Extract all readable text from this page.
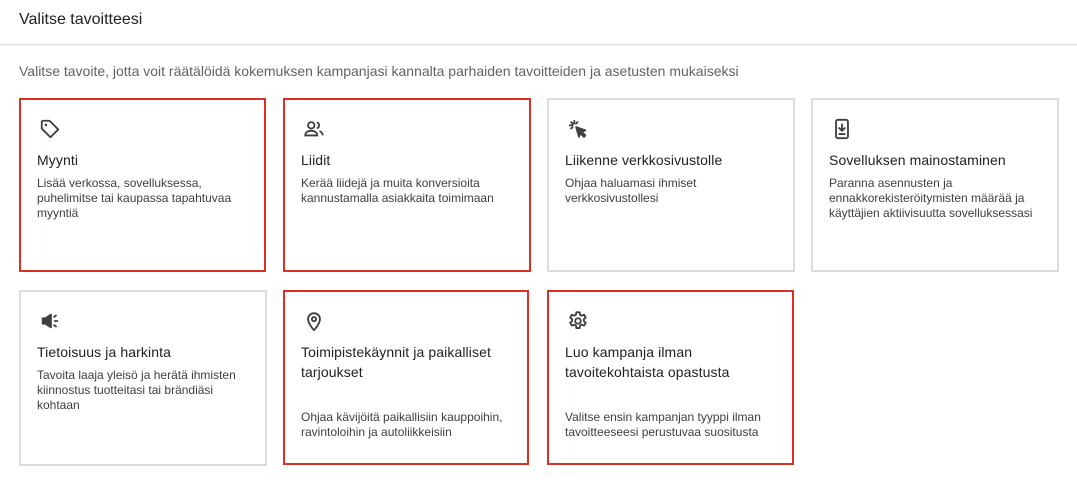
Valitse tavoitteesi
Valitse tavoite, jotta voit räätälöidä kokemuksen kampanjasi kannalta parhaiden tavoitteiden ja asetusten mukaiseksi
Myynti
Lisää verkossa, sovelluksessa, puhelimitse tai kaupassa tapahtuvaa myyntiä
Liidit
Kerää liidejä ja muita konversioita kannustamalla asiakkaita toimimaan
Liikenne verkkosivustolle
Ohjaa haluamasi ihmiset verkkosivustollesi
Sovelluksen mainostaminen
Paranna asennusten ja ennakkorekisteröitymisten määrää ja käyttäjien aktiivisuutta sovelluksessasi
Tietoisuus ja harkinta
Tavoita laaja yleisö ja herätä ihmisten kiinnostus tuotteitasi tai brändiäsi kohtaan
Toimipistekäynnit ja paikalliset tarjoukset
Ohjaa kävijöitä paikallisiin kauppoihin, ravintoloihin ja autoliikkeisiin
Luo kampanja ilman tavoitekohtaista opastusta
Valitse ensin kampanjan tyyppi ilman tavoitteeseesi perustuvaa suositusta
